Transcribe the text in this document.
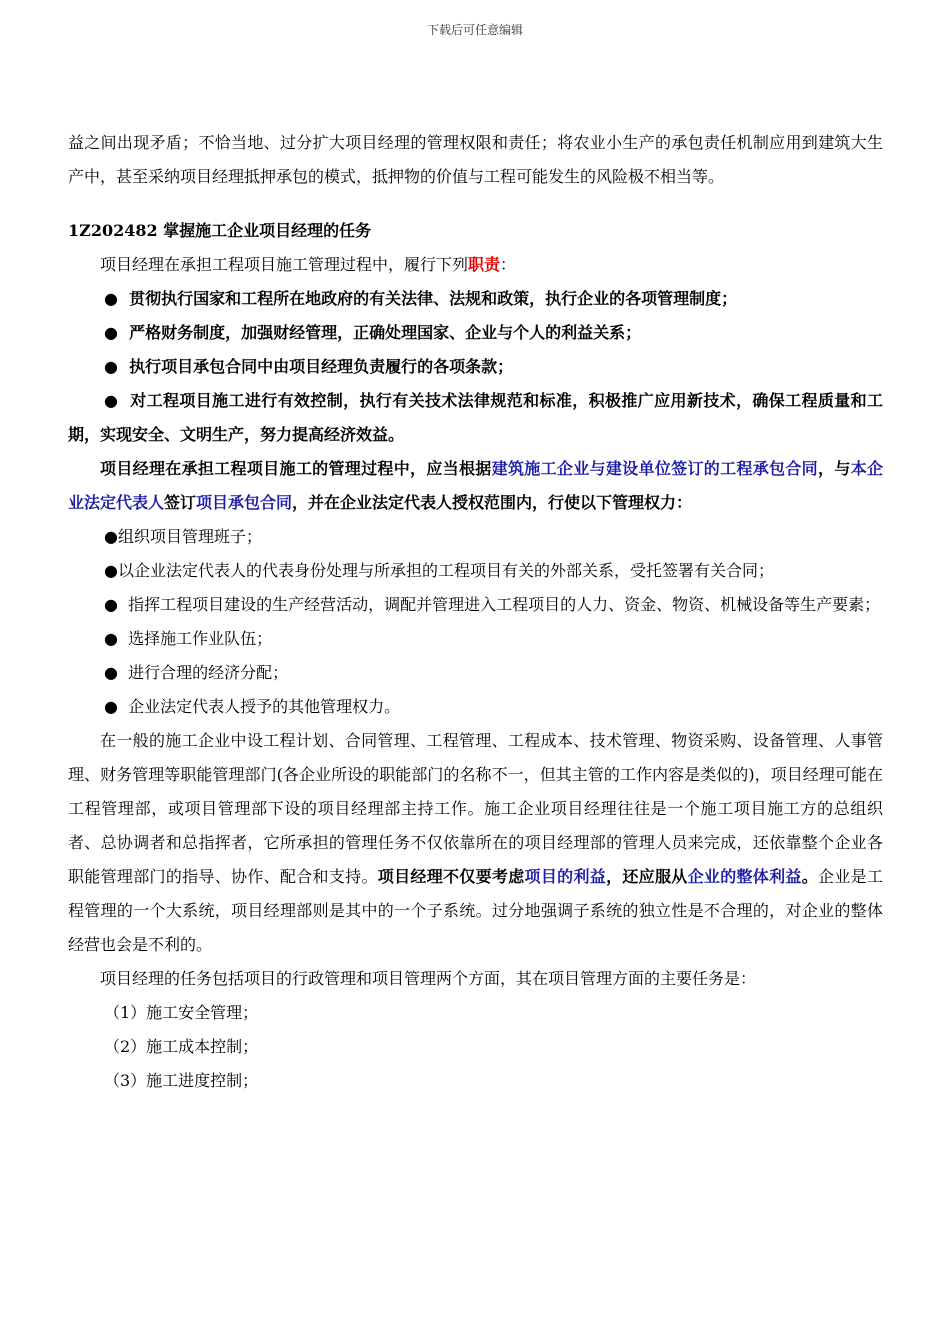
下载后可任意编辑

益之间出现矛盾；不恰当地、过分扩大项目经理的管理权限和责任；将农业小生产的承包责任机制应用到建筑大生产中，甚至采纳项目经理抵押承包的模式，抵押物的价值与工程可能发生的风险极不相当等。

1Z202482 掌握施工企业项目经理的任务

项目经理在承担工程项目施工管理过程中，履行下列职责：

● 贯彻执行国家和工程所在地政府的有关法律、法规和政策，执行企业的各项管理制度；

● 严格财务制度，加强财经管理，正确处理国家、企业与个人的利益关系；

● 执行项目承包合同中由项目经理负责履行的各项条款；

● 对工程项目施工进行有效控制，执行有关技术法律规范和标准，积极推广应用新技术，确保工程质量和工期，实现安全、文明生产，努力提高经济效益。

项目经理在承担工程项目施工的管理过程中，应当根据建筑施工企业与建设单位签订的工程承包合同，与本企业法定代表人签订项目承包合同，并在企业法定代表人授权范围内，行使以下管理权力：

●组织项目管理班子；

●以企业法定代表人的代表身份处理与所承担的工程项目有关的外部关系，受托签署有关合同；

● 指挥工程项目建设的生产经营活动，调配并管理进入工程项目的人力、资金、物资、机械设备等生产要素；

● 选择施工作业队伍；

● 进行合理的经济分配；

● 企业法定代表人授予的其他管理权力。

在一般的施工企业中设工程计划、合同管理、工程管理、工程成本、技术管理、物资采购、设备管理、人事管理、财务管理等职能管理部门(各企业所设的职能部门的名称不一，但其主管的工作内容是类似的)，项目经理可能在工程管理部，或项目管理部下设的项目经理部主持工作。施工企业项目经理往往是一个施工项目施工方的总组织者、总协调者和总指挥者，它所承担的管理任务不仅依靠所在的项目经理部的管理人员来完成，还依靠整个企业各职能管理部门的指导、协作、配合和支持。项目经理不仅要考虑项目的利益，还应服从企业的整体利益。企业是工程管理的一个大系统，项目经理部则是其中的一个子系统。过分地强调子系统的独立性是不合理的，对企业的整体经营也会是不利的。

项目经理的任务包括项目的行政管理和项目管理两个方面，其在项目管理方面的主要任务是：

（1）施工安全管理；

（2）施工成本控制；

（3）施工进度控制；
